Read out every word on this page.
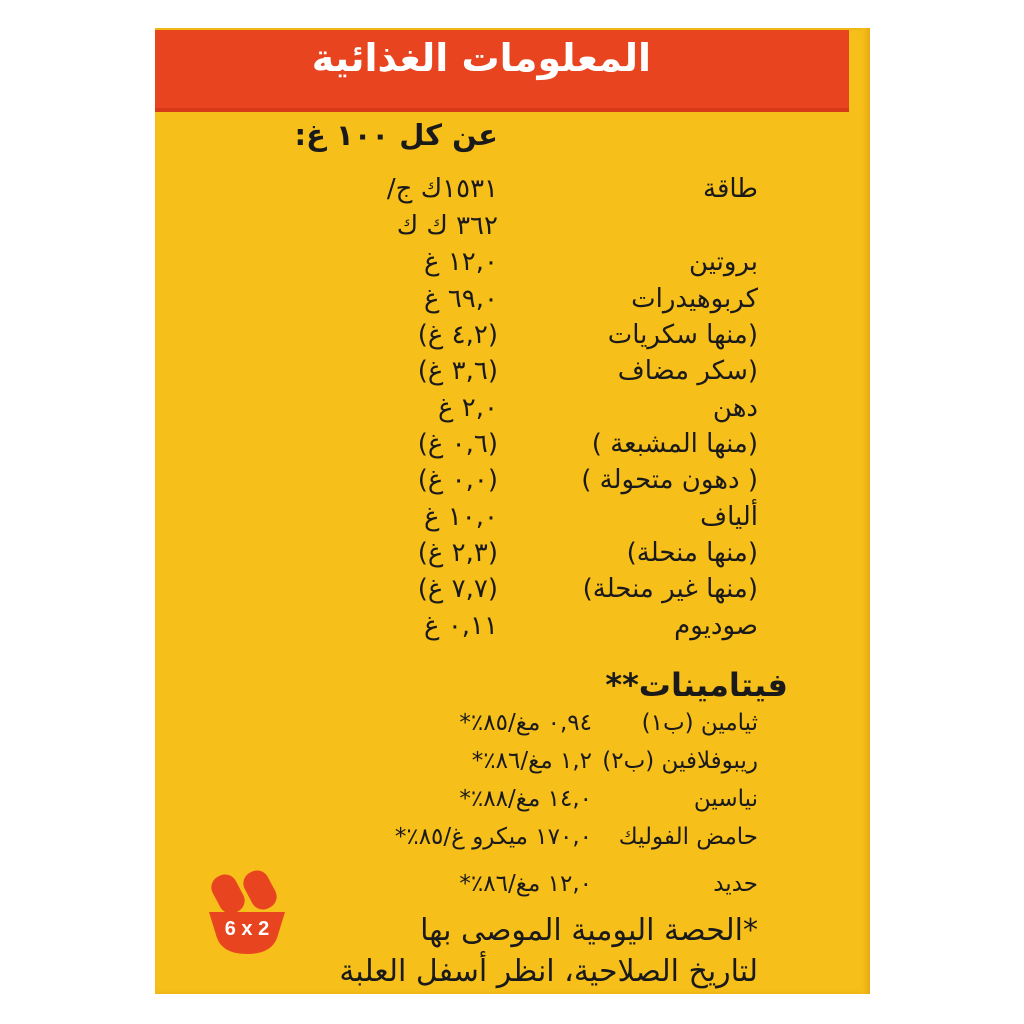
المعلومات الغذائية
عن كل ١٠٠ غ:
طاقة
١٥٣١ك ج/
٣٦٢ ك ك
بروتين
١٢,٠ غ
كربوهيدرات
٦٩,٠ غ
(منها سكريات
(٤,٢ غ)
(سكر مضاف
(٣,٦ غ)
دهن
٢,٠ غ
(منها المشبعة )
(٠,٦ غ)
( دهون متحولة )
(٠,٠ غ)
ألياف
١٠,٠ غ
(منها منحلة)
(٢,٣ غ)
(منها غير منحلة)
(٧,٧ غ)
صوديوم
٠,١١ غ
فيتامينات**
ثيامين (ب١)
٠,٩٤ مغ/٨٥٪*
ريبوفلافين (ب٢)
١,٢ مغ/٨٦٪*
نياسين
١٤,٠ مغ/٨٨٪*
حامض الفوليك
١٧٠,٠ ميكرو غ/٨٥٪*
حديد
١٢,٠ مغ/٨٦٪*
*الحصة اليومية الموصى بها
لتاريخ الصلاحية، انظر أسفل العلبة
6 x 2
